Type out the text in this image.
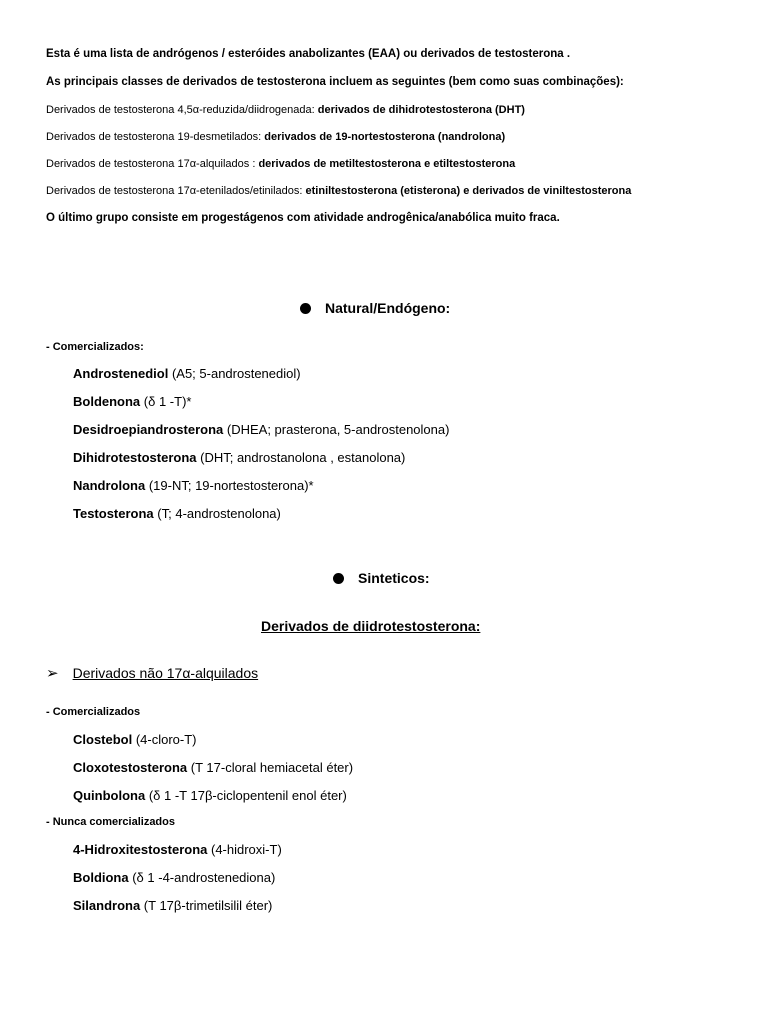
Esta é uma lista de andrógenos / esteróides anabolizantes (EAA) ou derivados de testosterona .
As principais classes de derivados de testosterona incluem as seguintes (bem como suas combinações):
Derivados de testosterona 4,5α-reduzida/diidrogenada: derivados de dihidrotestosterona (DHT)
Derivados de testosterona 19-desmetilados: derivados de 19-nortestosterona (nandrolona)
Derivados de testosterona 17α-alquilados : derivados de metiltestosterona e etiltestosterona
Derivados de testosterona 17α-etenilados/etinilados: etiniltestosterona (etisterona) e derivados de viniltestosterona
O último grupo consiste em progestágenos com atividade androgênica/anabólica muito fraca.
Natural/Endógeno:
- Comercializados:
Androstenediol (A5; 5-androstenediol)
Boldenona (δ 1 -T)*
Desidroepiandrosterona (DHEA; prasterona, 5-androstenolona)
Dihidrotestosterona (DHT; androstanolona , estanolona)
Nandrolona (19-NT; 19-nortestosterona)*
Testosterona (T; 4-androstenolona)
Sinteticos:
Derivados de diidrotestosterona:
➢ Derivados não 17α-alquilados
- Comercializados
Clostebol (4-cloro-T)
Cloxotestosterona (T 17-cloral hemiacetal éter)
Quinbolona (δ 1 -T 17β-ciclopentenil enol éter)
- Nunca comercializados
4-Hidroxitestosterona (4-hidroxi-T)
Boldiona (δ 1 -4-androstenediona)
Silandrona (T 17β-trimetilsilil éter)
